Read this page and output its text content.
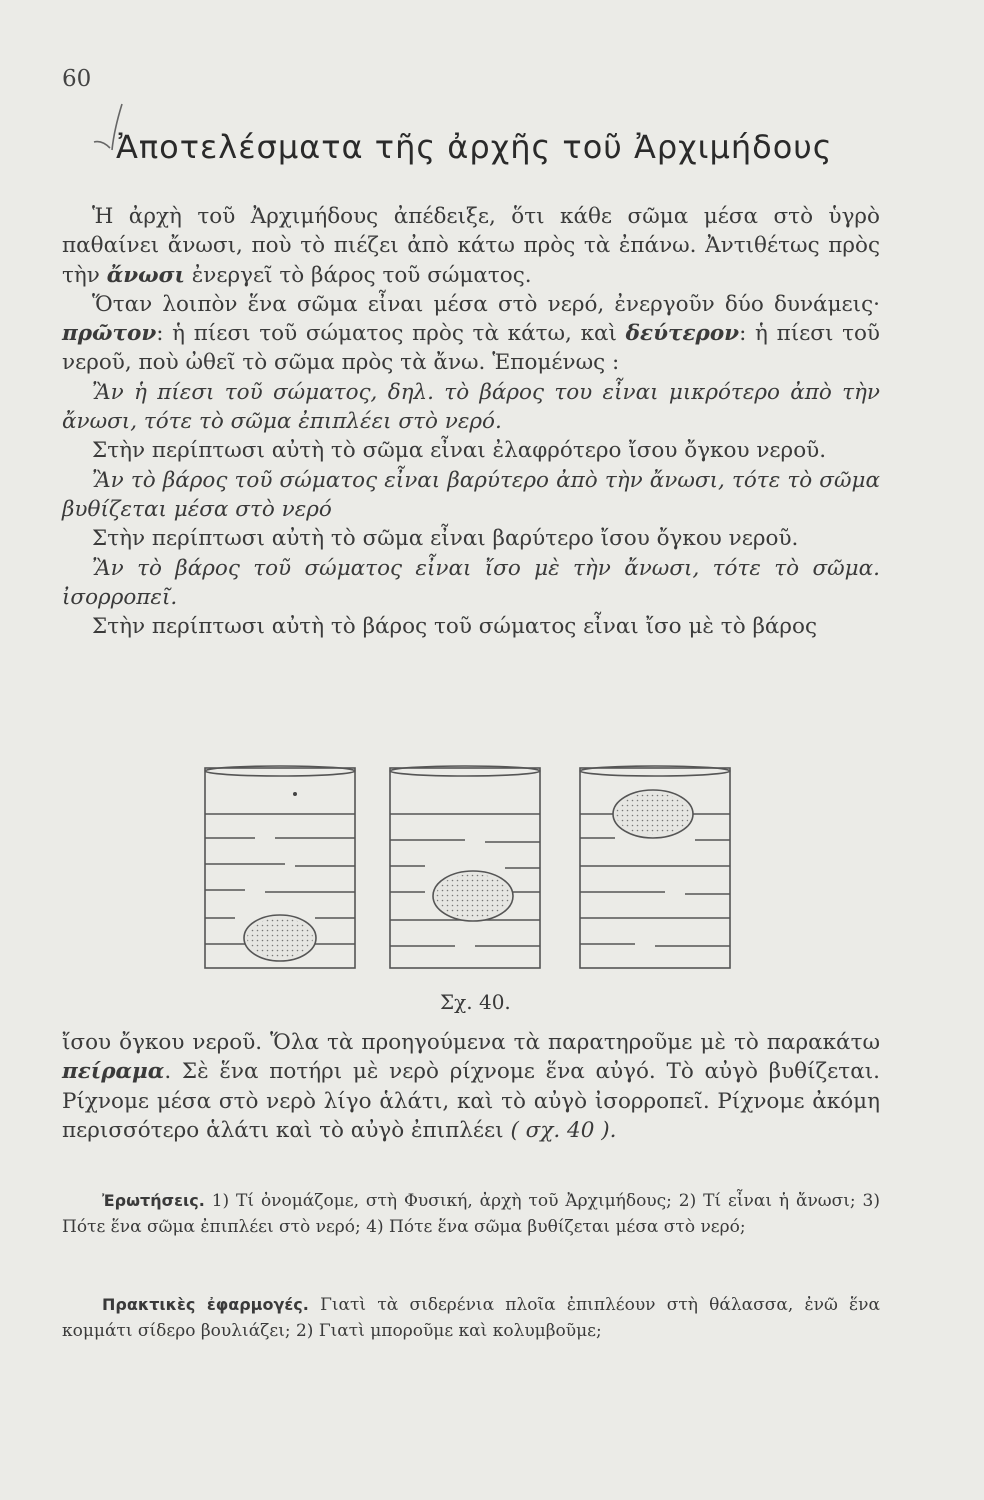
60
Ἀποτελέσματα τῆς ἀρχῆς τοῦ Ἀρχιμήδους

Ἡ ἀρχὴ τοῦ Ἀρχιμήδους ἀπέδειξε, ὅτι κάθε σῶμα μέσα στὸ ὑγρὸ παθαίνει ἄνωσι, ποὺ τὸ πιέζει ἀπὸ κάτω πρὸς τὰ ἐπάνω. Ἀντιθέτως πρὸς τὴν ἄνωσι ἐνεργεῖ τὸ βάρος τοῦ σώματος.

Ὅταν λοιπὸν ἕνα σῶμα εἶναι μέσα στὸ νερό, ἐνεργοῦν δύο δυνάμεις· πρῶτον: ἡ πίεσι τοῦ σώματος πρὸς τὰ κάτω, καὶ δεύτερον: ἡ πίεσι τοῦ νεροῦ, ποὺ ὠθεῖ τὸ σῶμα πρὸς τὰ ἄνω. Ἑπομένως :

Ἂν ἡ πίεσι τοῦ σώματος, δηλ. τὸ βάρος του εἶναι μικρότερο ἀπὸ τὴν ἄνωσι, τότε τὸ σῶμα ἐπιπλέει στὸ νερό.

Στὴν περίπτωσι αὐτὴ τὸ σῶμα εἶναι ἐλαφρότερο ἴσου ὄγκου νεροῦ.

Ἂν τὸ βάρος τοῦ σώματος εἶναι βαρύτερο ἀπὸ τὴν ἄνωσι, τότε τὸ σῶμα βυθίζεται μέσα στὸ νερό

Στὴν περίπτωσι αὐτὴ τὸ σῶμα εἶναι βαρύτερο ἴσου ὄγκου νεροῦ.

Ἂν τὸ βάρος τοῦ σώματος εἶναι ἴσο μὲ τὴν ἄνωσι, τότε τὸ σῶμα. ἰσορροπεῖ.

Στὴν περίπτωσι αὐτὴ τὸ βάρος τοῦ σώματος εἶναι ἴσο μὲ τὸ βάρος

Σχ. 40.

ἴσου ὄγκου νεροῦ. Ὅλα τὰ προηγούμενα τὰ παρατηροῦμε μὲ τὸ παρακάτω πείραμα. Σὲ ἕνα ποτήρι μὲ νερὸ ρίχνομε ἕνα αὐγό. Τὸ αὐγὸ βυθίζεται. Ρίχνομε μέσα στὸ νερὸ λίγο ἁλάτι, καὶ τὸ αὐγὸ ἰσορροπεῖ. Ρίχνομε ἀκόμη περισσότερο ἁλάτι καὶ τὸ αὐγὸ ἐπιπλέει ( σχ. 40 ).

Ἐρωτήσεις. 1) Τί ὀνομάζομε, στὴ Φυσική, ἀρχὴ τοῦ Ἀρχιμήδους; 2) Τί εἶναι ἡ ἄνωσι; 3) Πότε ἕνα σῶμα ἐπιπλέει στὸ νερό; 4) Πότε ἕνα σῶμα βυθίζεται μέσα στὸ νερό;

Πρακτικὲς ἐφαρμογές. Γιατὶ τὰ σιδερένια πλοῖα ἐπιπλέουν στὴ θάλασσα, ἐνῶ ἕνα κομμάτι σίδερο βουλιάζει; 2) Γιατὶ μποροῦμε καὶ κολυμβοῦμε;
